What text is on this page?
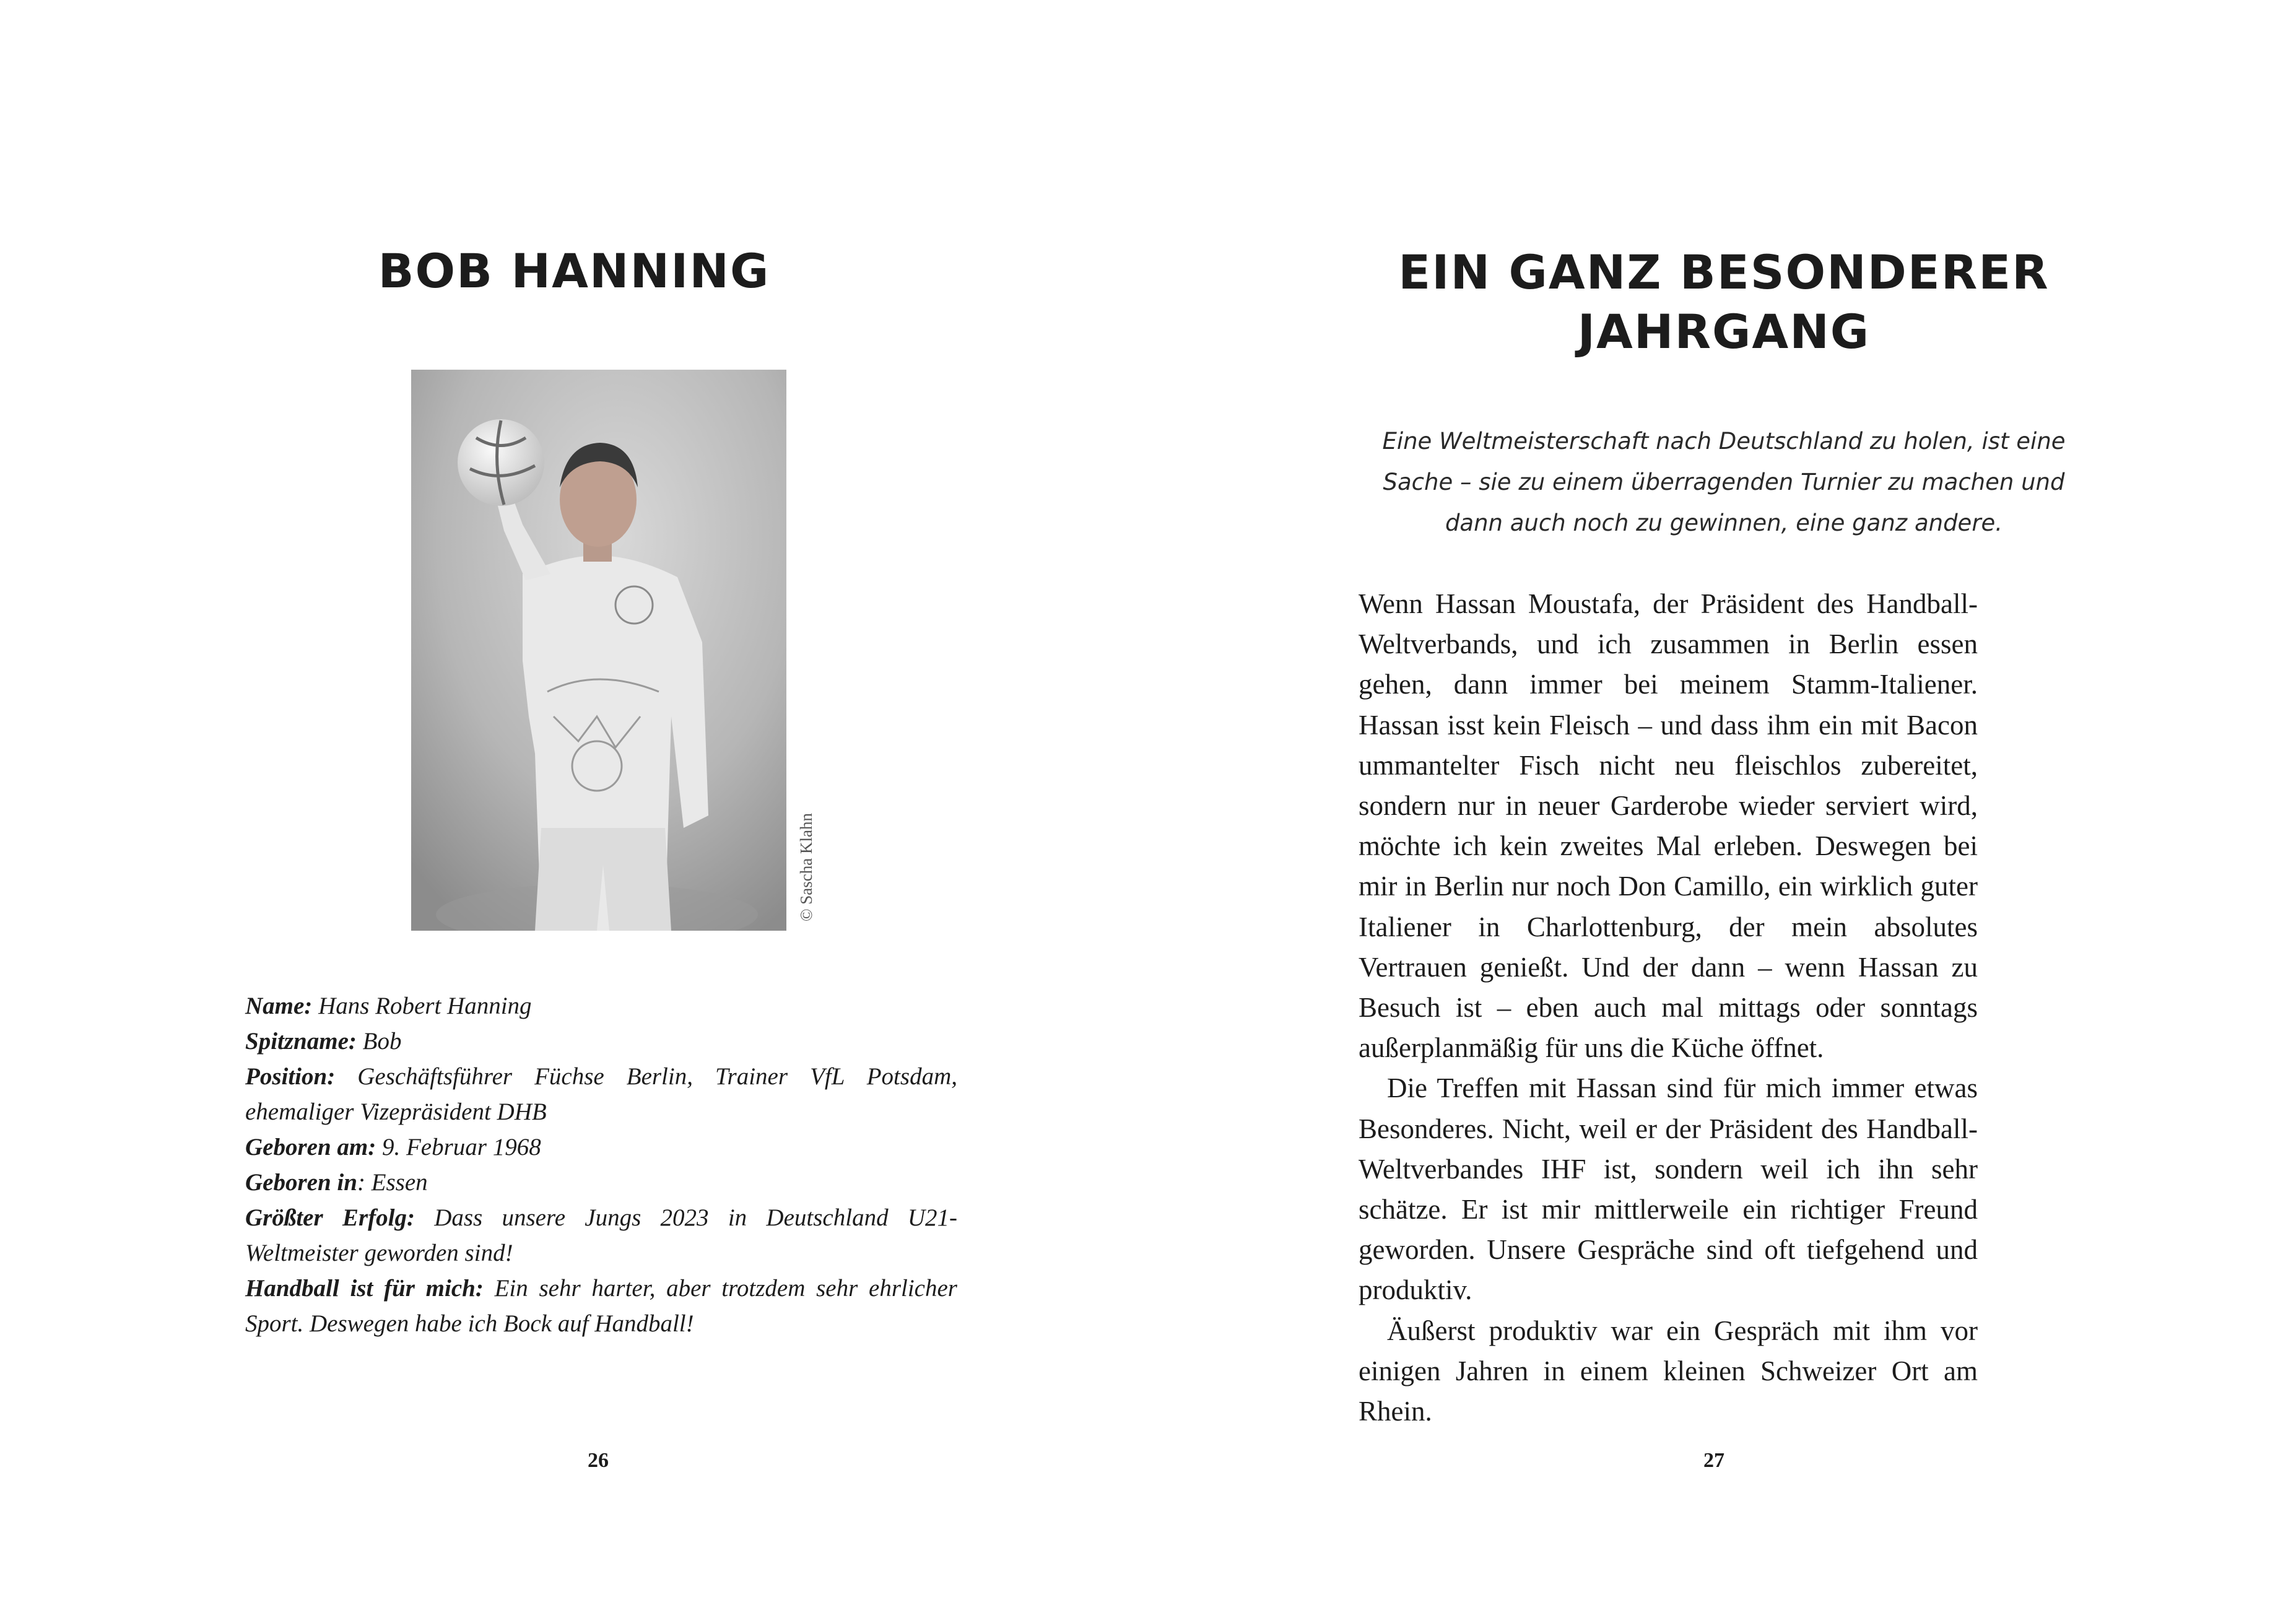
BOB HANNING
© Sascha Klahn

Name: Hans Robert Hanning

Spitzname: Bob

Position: Geschäftsführer Füchse Berlin, Trainer VfL Potsdam, ehemaliger Vizepräsident DHB

Geboren am: 9. Februar 1968

Geboren in: Essen

Größter Erfolg: Dass unsere Jungs 2023 in Deutschland U21-Weltmeister geworden sind!

Handball ist für mich: Ein sehr harter, aber trotzdem sehr ehrlicher Sport. Deswegen habe ich Bock auf Handball!

26
EIN GANZ BESONDERER
JAHRGANG

Eine Weltmeisterschaft nach Deutschland zu holen, ist eine
Sache – sie zu einem überragenden Turnier zu machen und
dann auch noch zu gewinnen, eine ganz andere.

Wenn Hassan Moustafa, der Präsident des Handball-Weltverbands, und ich zusammen in Berlin essen gehen, dann immer bei meinem Stamm-Italiener. Hassan isst kein Fleisch – und dass ihm ein mit Bacon ummantelter Fisch nicht neu fleischlos zubereitet, sondern nur in neuer Garderobe wieder serviert wird, möchte ich kein zweites Mal erleben. Deswegen bei mir in Berlin nur noch Don Camillo, ein wirklich guter Italiener in Charlottenburg, der mein absolutes Vertrauen genießt. Und der dann – wenn Hassan zu Besuch ist – eben auch mal mittags oder sonntags außerplanmäßig für uns die Küche öffnet.

Die Treffen mit Hassan sind für mich immer etwas Besonderes. Nicht, weil er der Präsident des Handball-Weltverbandes IHF ist, sondern weil ich ihn sehr schätze. Er ist mir mittlerweile ein richtiger Freund geworden. Unsere Gespräche sind oft tiefgehend und produktiv.

Äußerst produktiv war ein Gespräch mit ihm vor einigen Jahren in einem kleinen Schweizer Ort am Rhein.

27
